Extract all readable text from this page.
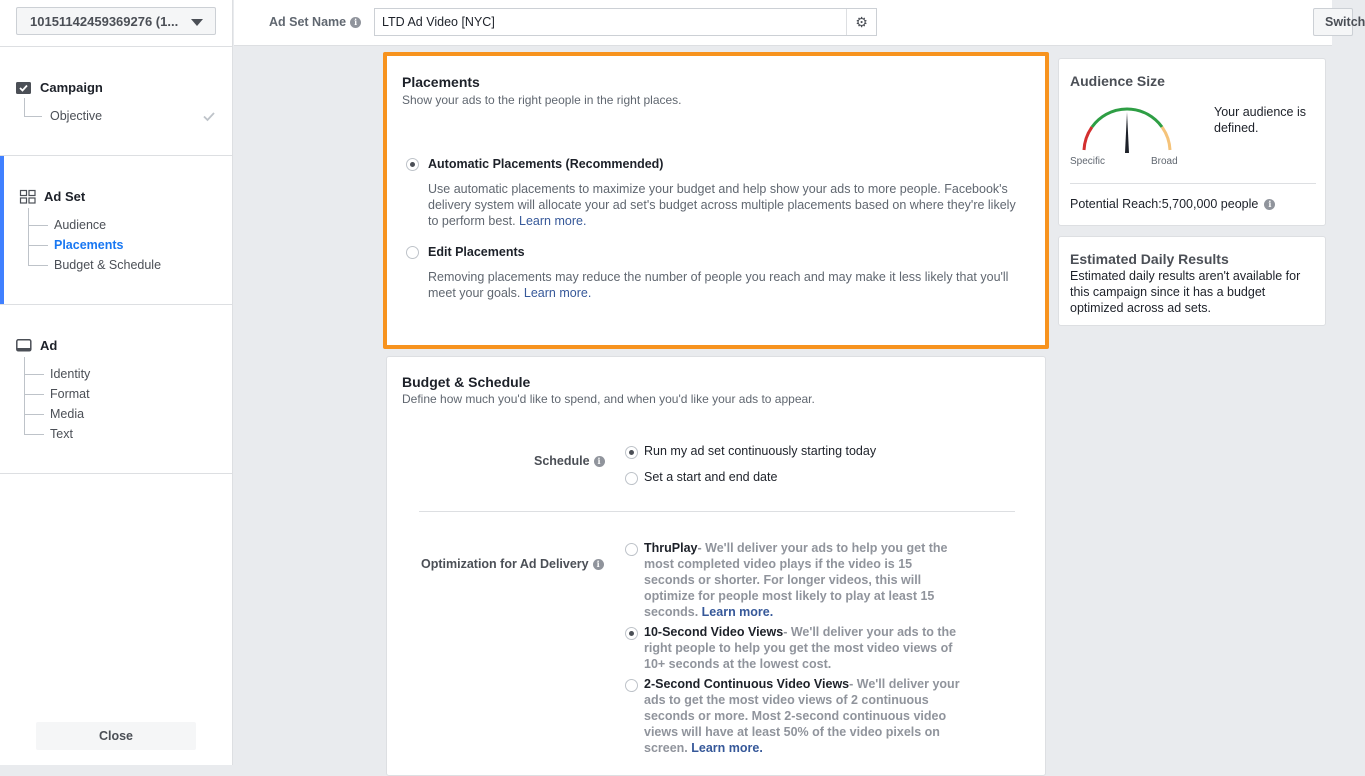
10151142459369276 (1...
Campaign
Objective
Ad Set
Audience
Placements
Budget & Schedule
Ad
Identity
Format
Media
Text
Close
Ad Set Name i	LTD Ad Video [NYC]	⚙	Switch
Placements
Show your ads to the right people in the right places.
Automatic Placements (Recommended)
Use automatic placements to maximize your budget and help show your ads to more people. Facebook's delivery system will allocate your ad set's budget across multiple placements based on where they're likely to perform best. Learn more.
Edit Placements
Removing placements may reduce the number of people you reach and may make it less likely that you'll meet your goals. Learn more.
Budget & Schedule
Define how much you'd like to spend, and when you'd like your ads to appear.
Schedule i
Run my ad set continuously starting today
Set a start and end date
Optimization for Ad Delivery i
ThruPlay- We'll deliver your ads to help you get the most completed video plays if the video is 15 seconds or shorter. For longer videos, this will optimize for people most likely to play at least 15 seconds. Learn more.
10-Second Video Views- We'll deliver your ads to the right people to help you get the most video views of 10+ seconds at the lowest cost.
2-Second Continuous Video Views- We'll deliver your ads to get the most video views of 2 continuous seconds or more. Most 2-second continuous video views will have at least 50% of the video pixels on screen. Learn more.
Audience Size
Specific	Broad
Your audience is defined.
Potential Reach:5,700,000 people	i
Estimated Daily Results
Estimated daily results aren't available for this campaign since it has a budget optimized across ad sets.
